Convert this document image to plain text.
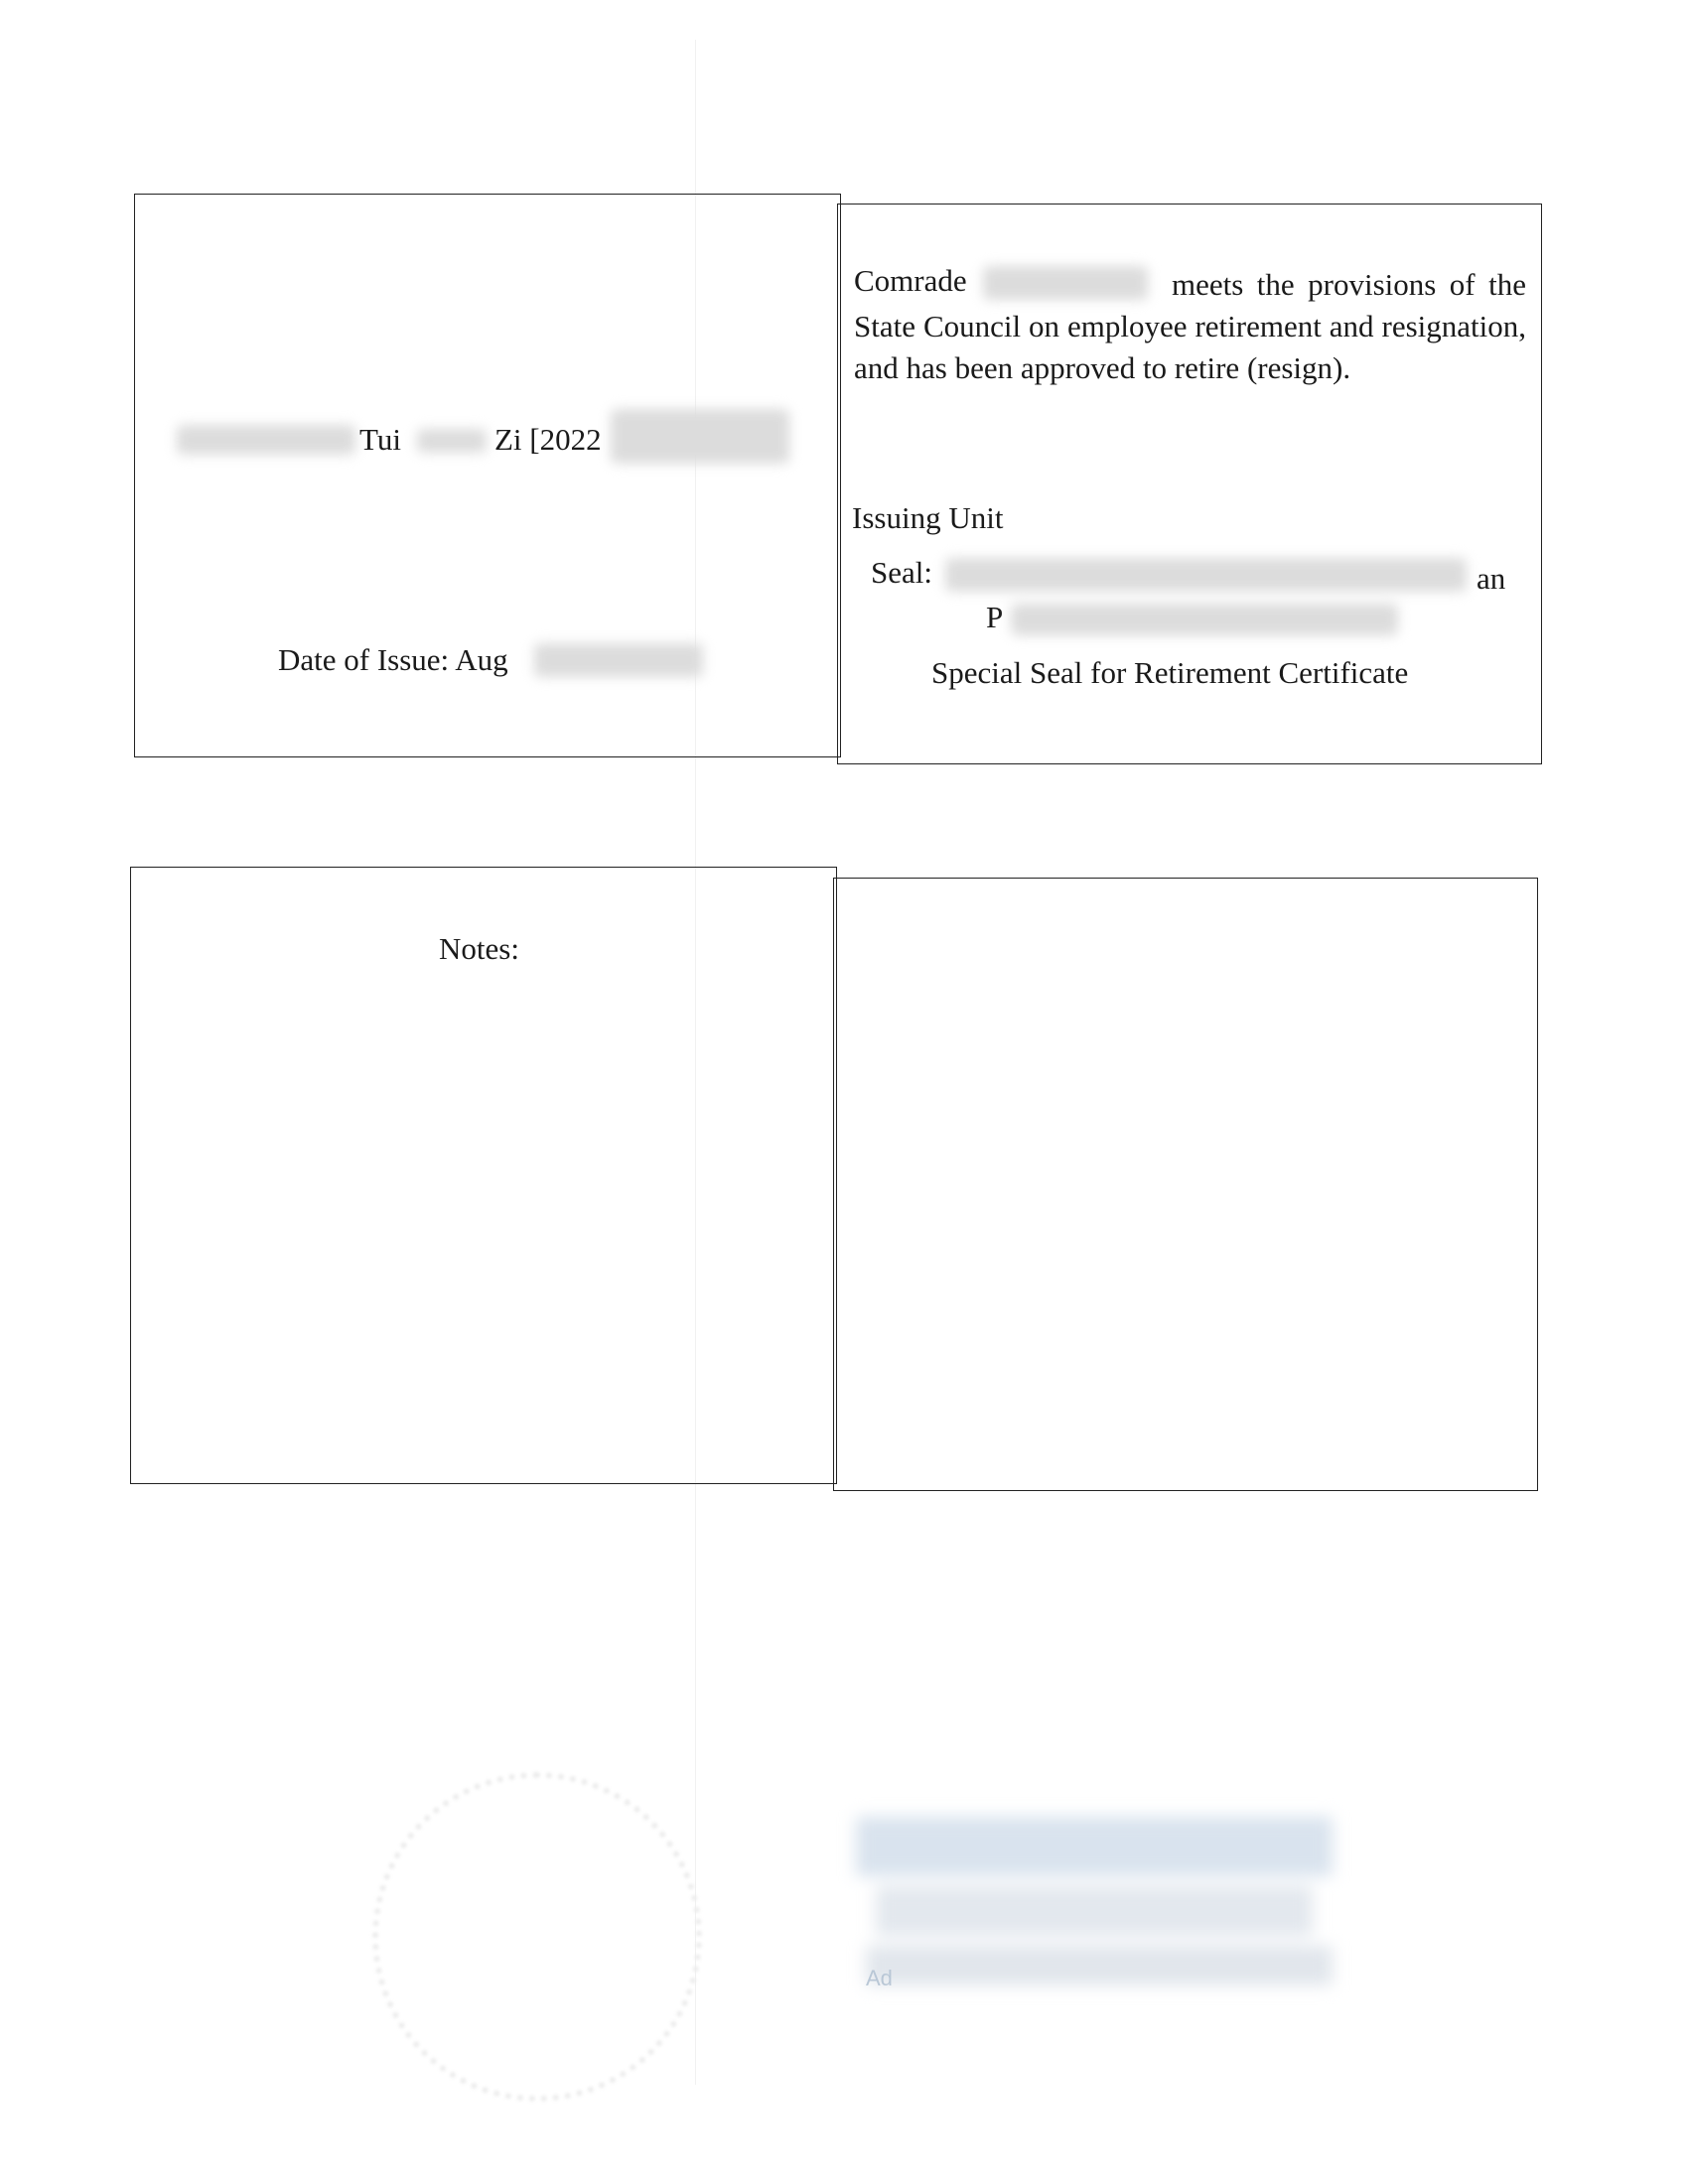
Tui	Zi [2022
Date of Issue: Aug
Comrade	meets the provisions of the State Council on employee retirement and resignation, and has been approved to retire (resign).
Issuing Unit
Seal:	an
P
Special Seal for Retirement Certificate
Notes:
Ad
